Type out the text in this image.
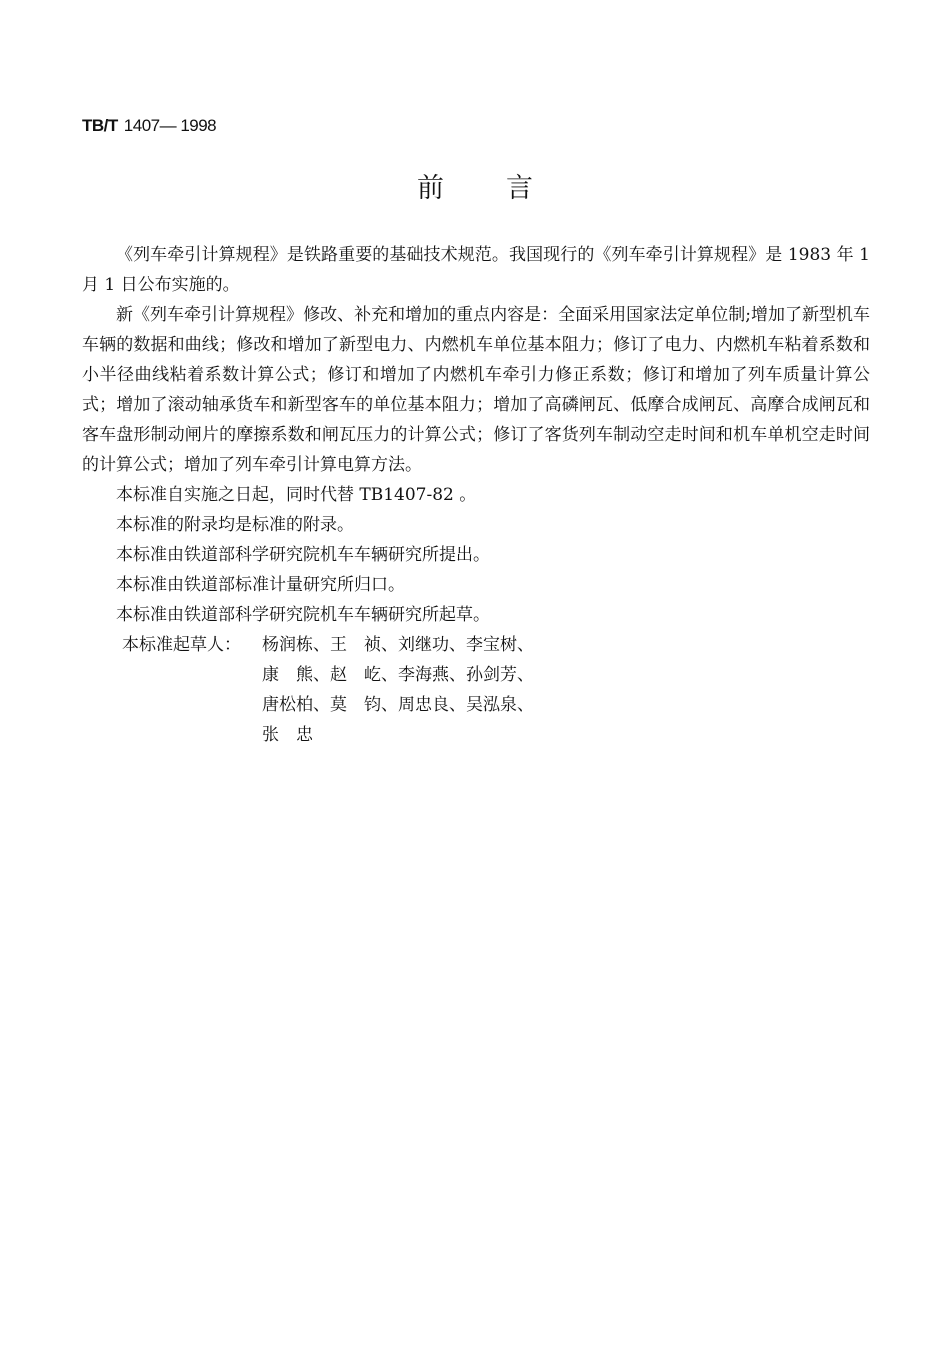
TB/T 1407— 1998
前 言

《列车牵引计算规程》是铁路重要的基础技术规范。我国现行的《列车牵引计算规程》是 1983 年 1 月 1 日公布实施的。

新《列车牵引计算规程》修改、补充和增加的重点内容是：全面采用国家法定单位制;增加了新型机车车辆的数据和曲线；修改和增加了新型电力、内燃机车单位基本阻力；修订了电力、内燃机车粘着系数和小半径曲线粘着系数计算公式；修订和增加了内燃机车牵引力修正系数；修订和增加了列车质量计算公式；增加了滚动轴承货车和新型客车的单位基本阻力；增加了高磷闸瓦、低摩合成闸瓦、高摩合成闸瓦和客车盘形制动闸片的摩擦系数和闸瓦压力的计算公式；修订了客货列车制动空走时间和机车单机空走时间的计算公式；增加了列车牵引计算电算方法。

本标准自实施之日起，同时代替 TB1407-82 。

本标准的附录均是标准的附录。

本标准由铁道部科学研究院机车车辆研究所提出。

本标准由铁道部标准计量研究所归口。

本标准由铁道部科学研究院机车车辆研究所起草。

本标准起草人：	杨润栋、王　祯、刘继功、李宝树、
康　熊、赵　屹、李海燕、孙剑芳、
唐松柏、莫　钧、周忠良、吴泓泉、
张　忠
